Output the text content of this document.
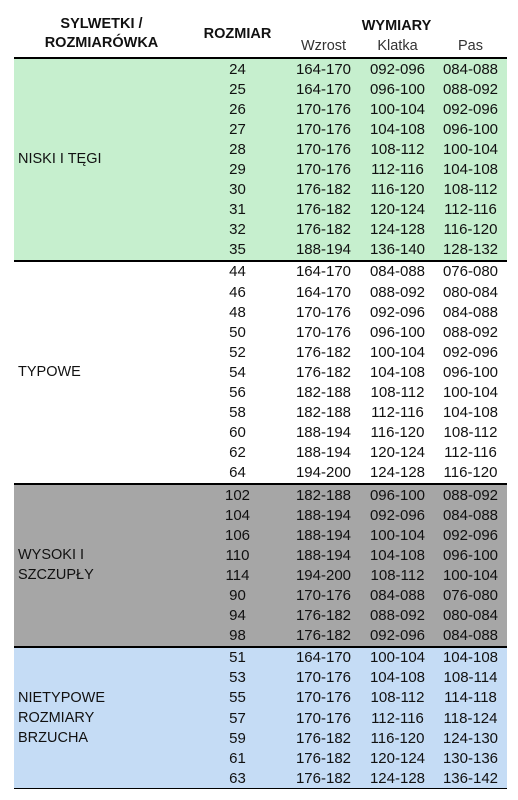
SYLWETKI /
ROZMIARÓWKA	ROZMIAR	WYMIARY		
		Wzrost	Klatka	Pas
NISKI I TĘGI	24	164-170	092-096	084-088
	25	164-170	096-100	088-092
	26	170-176	100-104	092-096
	27	170-176	104-108	096-100
	28	170-176	108-112	100-104
	29	170-176	112-116	104-108
	30	176-182	116-120	108-112
	31	176-182	120-124	112-116
	32	176-182	124-128	116-120
	35	188-194	136-140	128-132
TYPOWE	44	164-170	084-088	076-080
	46	164-170	088-092	080-084
	48	170-176	092-096	084-088
	50	170-176	096-100	088-092
	52	176-182	100-104	092-096
	54	176-182	104-108	096-100
	56	182-188	108-112	100-104
	58	182-188	112-116	104-108
	60	188-194	116-120	108-112
	62	188-194	120-124	112-116
	64	194-200	124-128	116-120
WYSOKI I
SZCZUPŁY	102	182-188	096-100	088-092
	104	188-194	092-096	084-088
	106	188-194	100-104	092-096
	110	188-194	104-108	096-100
	114	194-200	108-112	100-104
	90	170-176	084-088	076-080
	94	176-182	088-092	080-084
	98	176-182	092-096	084-088
NIETYPOWE
ROZMIARY
BRZUCHA	51	164-170	100-104	104-108
	53	170-176	104-108	108-114
	55	170-176	108-112	114-118
	57	170-176	112-116	118-124
	59	176-182	116-120	124-130
	61	176-182	120-124	130-136
	63	176-182	124-128	136-142
